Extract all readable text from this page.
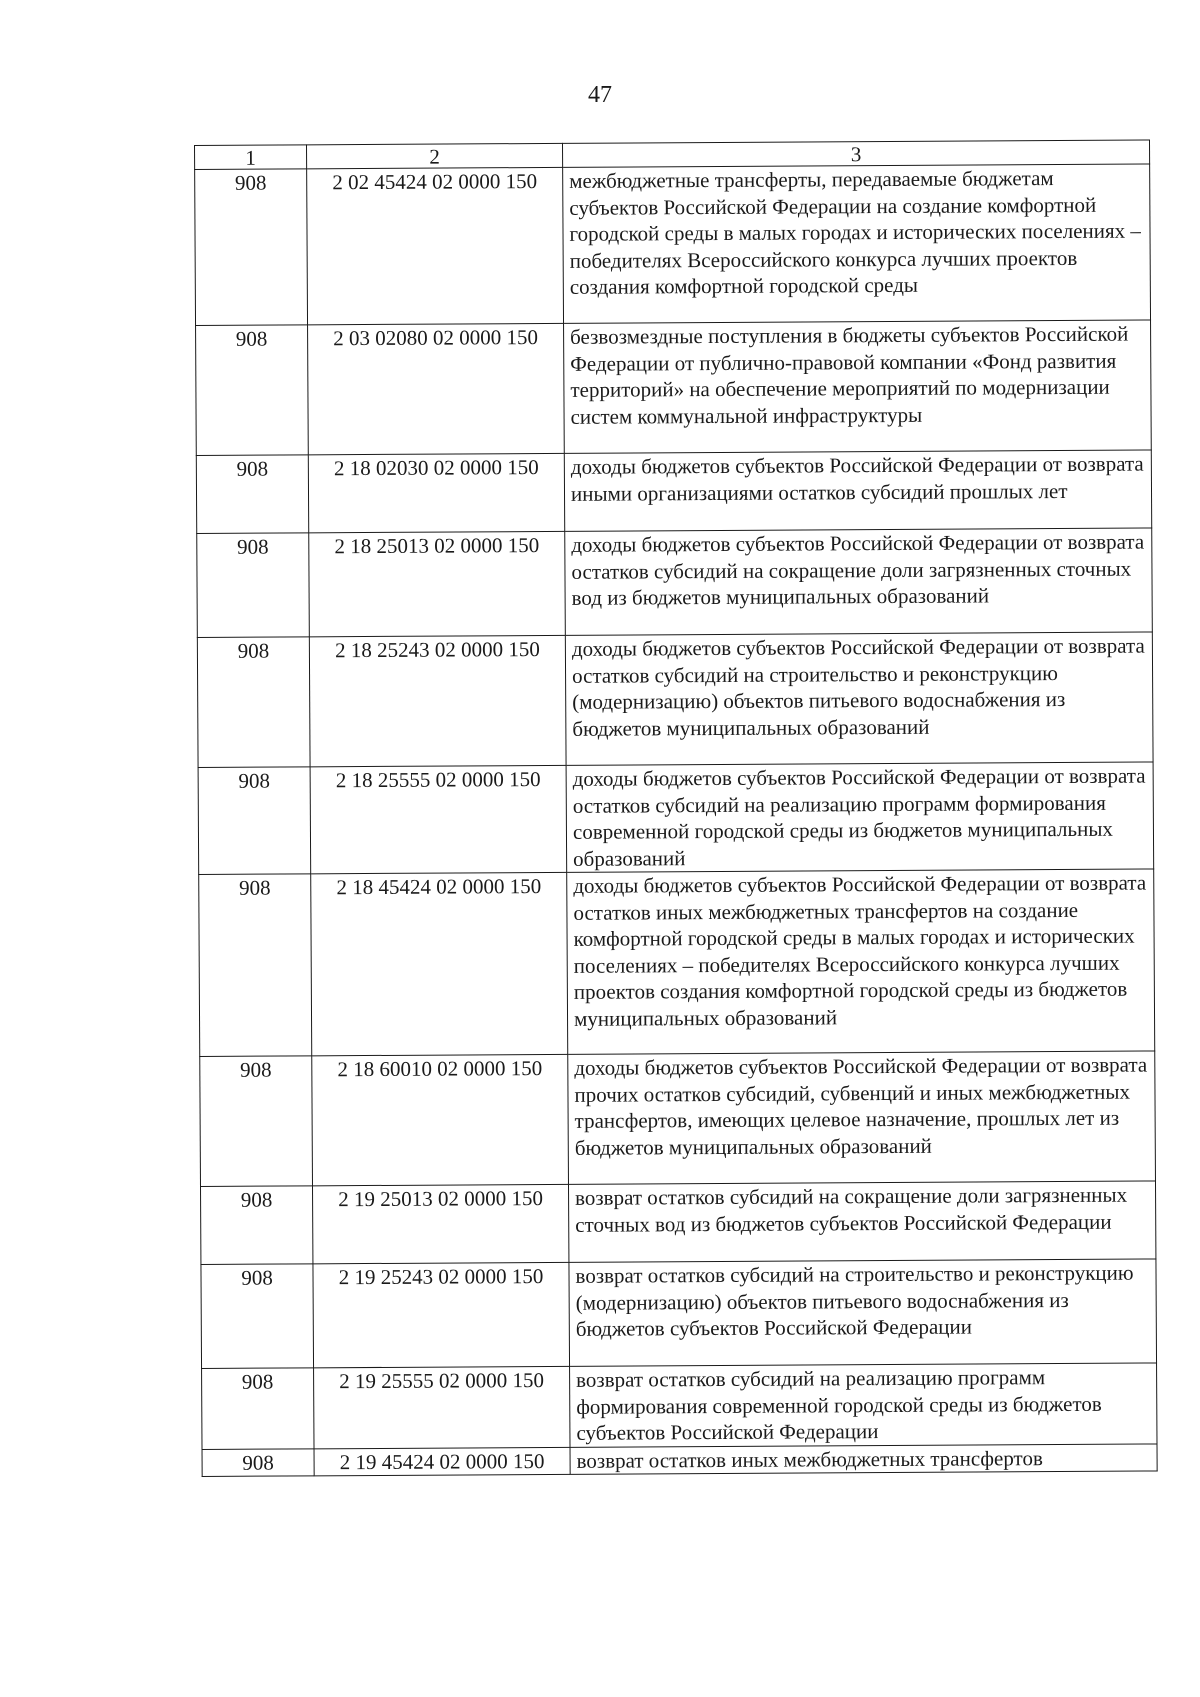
47
1	2	3
908	2 02 45424 02 0000 150	межбюджетные трансферты, передаваемые бюджетам субъектов Российской Федерации на создание комфортной городской среды в малых городах и исторических поселениях – победителях Всероссийского конкурса лучших проектов создания комфортной городской среды
908	2 03 02080 02 0000 150	безвозмездные поступления в бюджеты субъектов Российской Федерации от публично-правовой компании «Фонд развития территорий» на обеспечение мероприятий по модернизации систем коммунальной инфраструктуры
908	2 18 02030 02 0000 150	доходы бюджетов субъектов Российской Федерации от возврата иными организациями остатков субсидий прошлых лет
908	2 18 25013 02 0000 150	доходы бюджетов субъектов Российской Федерации от возврата остатков субсидий на сокращение доли загрязненных сточных вод из бюджетов муниципальных образований
908	2 18 25243 02 0000 150	доходы бюджетов субъектов Российской Федерации от возврата остатков субсидий на строительство и реконструкцию (модернизацию) объектов питьевого водоснабжения из бюджетов муниципальных образований
908	2 18 25555 02 0000 150	доходы бюджетов субъектов Российской Федерации от возврата остатков субсидий на реализацию программ формирования современной городской среды из бюджетов муниципальных образований
908	2 18 45424 02 0000 150	доходы бюджетов субъектов Российской Федерации от возврата остатков иных межбюджетных трансфертов на создание комфортной городской среды в малых городах и исторических поселениях – победителях Всероссийского конкурса лучших проектов создания комфортной городской среды из бюджетов муниципальных образований
908	2 18 60010 02 0000 150	доходы бюджетов субъектов Российской Федерации от возврата прочих остатков субсидий, субвенций и иных межбюджетных трансфертов, имеющих целевое назначение, прошлых лет из бюджетов муниципальных образований
908	2 19 25013 02 0000 150	возврат остатков субсидий на сокращение доли загрязненных сточных вод из бюджетов субъектов Российской Федерации
908	2 19 25243 02 0000 150	возврат остатков субсидий на строительство и реконструкцию (модернизацию) объектов питьевого водоснабжения из бюджетов субъектов Российской Федерации
908	2 19 25555 02 0000 150	возврат остатков субсидий на реализацию программ формирования современной городской среды из бюджетов субъектов Российской Федерации
908	2 19 45424 02 0000 150	возврат остатков иных межбюджетных трансфертов
